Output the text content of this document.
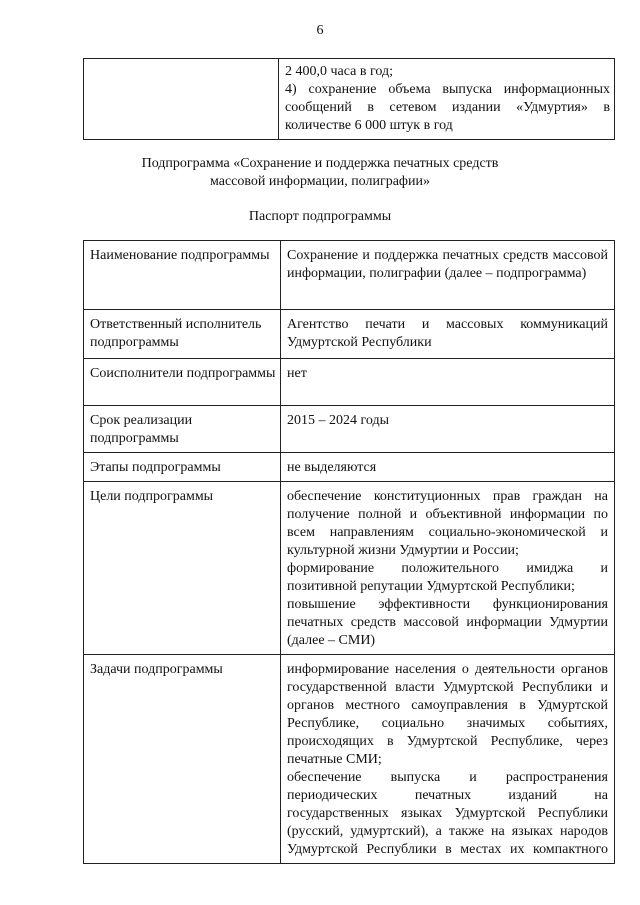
6

2 400,0 часа в год;
4) сохранение объема выпуска информационных сообщений в сетевом издании «Удмуртия» в количестве 6 000 штук в год
Подпрограмма «Сохранение и поддержка печатных средств
массовой информации, полиграфии»
Паспорт подпрограммы
Наименование подпрограммы	Сохранение и поддержка печатных средств массовой информации, полиграфии (далее – подпрограмма)

Ответственный исполнитель подпрограммы	Агентство печати и массовых коммуникаций Удмуртской Республики

Соисполнители подпрограммы	нет

Срок реализации подпрограммы	2015 – 2024 годы

Этапы подпрограммы	не выделяются

Цели подпрограммы	обеспечение конституционных прав граждан на получение полной и объективной информации по всем направлениям социально-экономической и культурной жизни Удмуртии и России;
формирование положительного имиджа и позитивной репутации Удмуртской Республики;
повышение эффективности функционирования печатных средств массовой информации Удмуртии (далее – СМИ)

Задачи подпрограммы	информирование населения о деятельности органов государственной власти Удмуртской Республики и органов местного самоуправления в Удмуртской Республике, социально значимых событиях, происходящих в Удмуртской Республике, через печатные СМИ;
обеспечение выпуска и распространения периодических печатных изданий на государственных языках Удмуртской Республики (русский, удмуртский), а также на языках народов Удмуртской Республики в местах их компактного
